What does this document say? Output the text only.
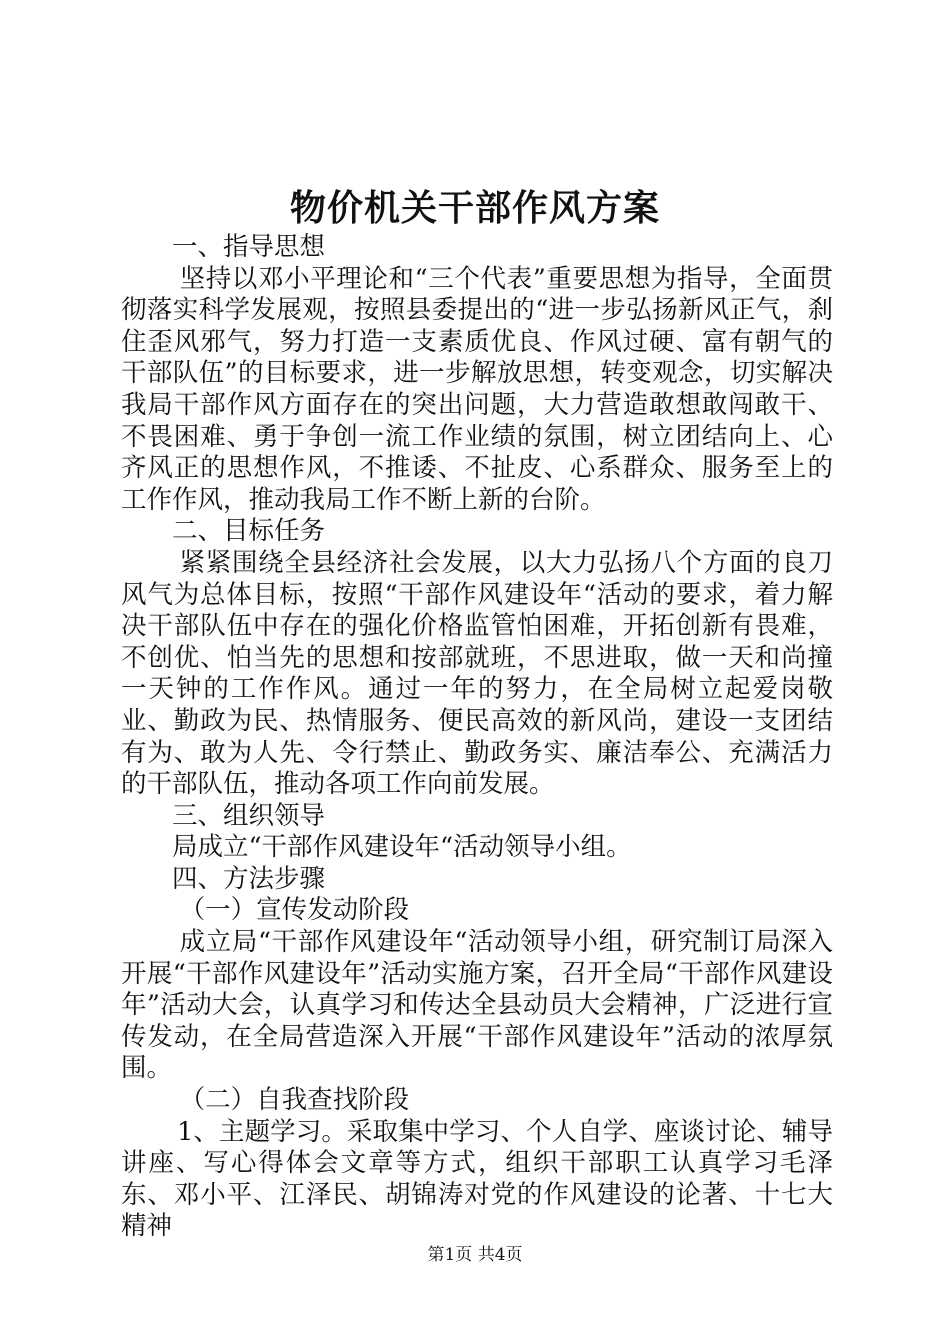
物价机关干部作风方案

一、指导思想

坚持以邓小平理论和“三个代表”重要思想为指导，全面贯彻落实科学发展观，按照县委提出的“进一步弘扬新风正气，刹住歪风邪气，努力打造一支素质优良、作风过硬、富有朝气的干部队伍”的目标要求，进一步解放思想，转变观念，切实解决我局干部作风方面存在的突出问题，大力营造敢想敢闯敢干、不畏困难、勇于争创一流工作业绩的氛围，树立团结向上、心齐风正的思想作风，不推诿、不扯皮、心系群众、服务至上的工作作风，推动我局工作不断上新的台阶。

二、目标任务

紧紧围绕全县经济社会发展，以大力弘扬八个方面的良刀风气为总体目标，按照“干部作风建设年“活动的要求，着力解决干部队伍中存在的强化价格监管怕困难，开拓创新有畏难，不创优、怕当先的思想和按部就班，不思进取，做一天和尚撞一天钟的工作作风。通过一年的努力，在全局树立起爱岗敬业、勤政为民、热情服务、便民高效的新风尚，建设一支团结有为、敢为人先、令行禁止、勤政务实、廉洁奉公、充满活力的干部队伍，推动各项工作向前发展。

三、组织领导

局成立“干部作风建设年“活动领导小组。

四、方法步骤

（一）宣传发动阶段

成立局“干部作风建设年“活动领导小组，研究制订局深入开展“干部作风建设年”活动实施方案，召开全局“干部作风建设年”活动大会，认真学习和传达全县动员大会精神，广泛进行宣传发动，在全局营造深入开展“干部作风建设年”活动的浓厚氛围。

（二）自我查找阶段

1、主题学习。采取集中学习、个人自学、座谈讨论、辅导讲座、写心得体会文章等方式，组织干部职工认真学习毛泽东、邓小平、江泽民、胡锦涛对党的作风建设的论著、十七大精神

第1页 共4页
